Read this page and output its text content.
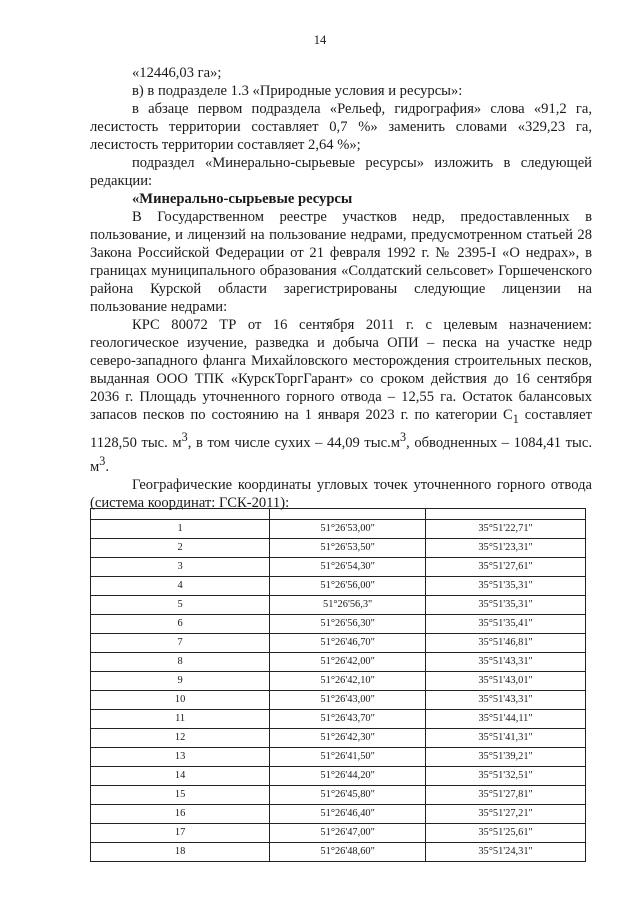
14

«12446,03 га»;

в) в подразделе 1.3 «Природные условия и ресурсы»:

в абзаце первом подраздела «Рельеф, гидрография» слова «91,2 га, лесистость территории составляет 0,7 %» заменить словами «329,23 га, лесистость территории составляет 2,64 %»;

подраздел «Минерально-сырьевые ресурсы» изложить в следующей редакции:

«Минерально-сырьевые ресурсы

В Государственном реестре участков недр, предоставленных в пользование, и лицензий на пользование недрами, предусмотренном статьей 28 Закона Российской Федерации от 21 февраля 1992 г. № 2395-I «О недрах», в границах муниципального образования «Солдатский сельсовет» Горшеченского района Курской области зарегистрированы следующие лицензии на пользование недрами:

КРС 80072 ТР от 16 сентября 2011 г. с целевым назначением: геологическое изучение, разведка и добыча ОПИ – песка на участке недр северо-западного фланга Михайловского месторождения строительных песков, выданная ООО ТПК «КурскТоргГарант» со сроком действия до 16 сентября 2036 г. Площадь уточненного горного отвода – 12,55 га. Остаток балансовых запасов песков по состоянию на 1 января 2023 г. по категории $C_1$ составляет 1128,50 тыс. $м^3$, в том числе сухих – 44,09 $тыс.м^3$, обводненных – 1084,41 тыс. $м^3$.

Географические координаты угловых точек уточненного горного отвода (система координат: ГСК-2011):

1	51°26'53,00"	35°51'22,71"
2	51°26'53,50"	35°51'23,31"
3	51°26'54,30"	35°51'27,61"
4	51°26'56,00"	35°51'35,31"
5	51°26'56,3"	35°51'35,31"
6	51°26'56,30"	35°51'35,41"
7	51°26'46,70"	35°51'46,81"
8	51°26'42,00"	35°51'43,31"
9	51°26'42,10"	35°51'43,01"
10	51°26'43,00"	35°51'43,31"
11	51°26'43,70"	35°51'44,11"
12	51°26'42,30"	35°51'41,31"
13	51°26'41,50"	35°51'39,21"
14	51°26'44,20"	35°51'32,51"
15	51°26'45,80"	35°51'27,81"
16	51°26'46,40"	35°51'27,21"
17	51°26'47,00"	35°51'25,61"
18	51°26'48,60"	35°51'24,31"
